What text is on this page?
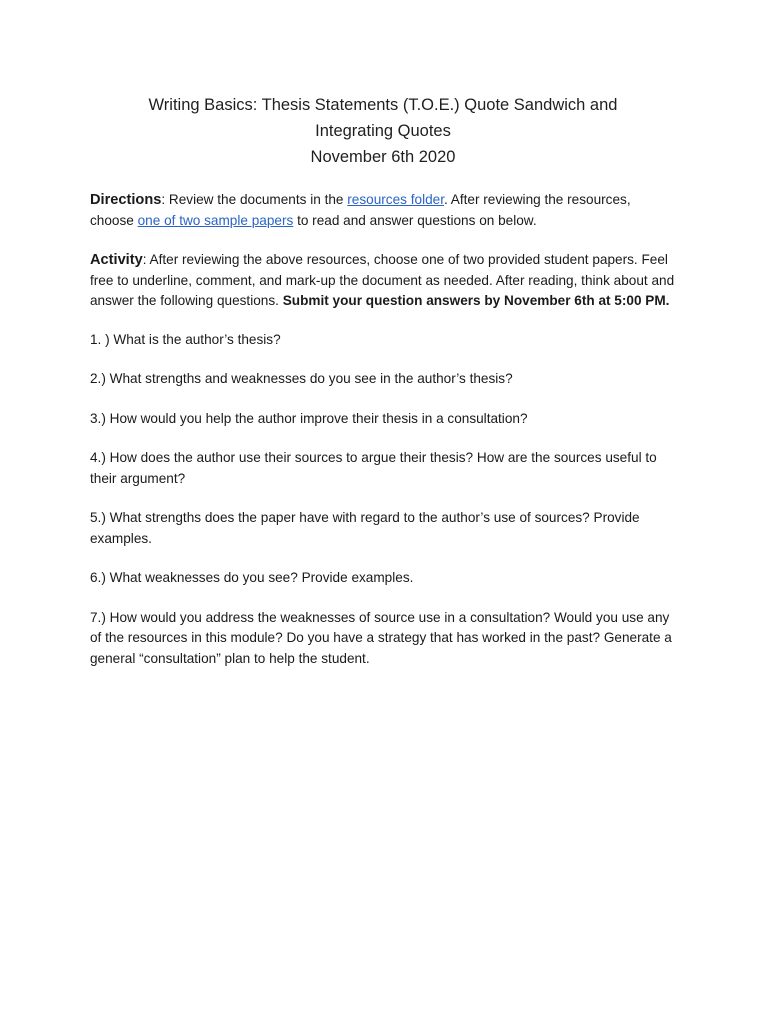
Writing Basics: Thesis Statements (T.O.E.) Quote Sandwich and
Integrating Quotes
November 6th 2020

Directions: Review the documents in the resources folder. After reviewing the resources, choose one of two sample papers to read and answer questions on below.

Activity: After reviewing the above resources, choose one of two provided student papers. Feel free to underline, comment, and mark-up the document as needed. After reading, think about and answer the following questions. Submit your question answers by November 6th at 5:00 PM.

1. ) What is the author’s thesis?

2.) What strengths and weaknesses do you see in the author’s thesis?

3.) How would you help the author improve their thesis in a consultation?

4.) How does the author use their sources to argue their thesis? How are the sources useful to their argument?

5.) What strengths does the paper have with regard to the author’s use of sources? Provide examples.

6.) What weaknesses do you see? Provide examples.

7.) How would you address the weaknesses of source use in a consultation? Would you use any of the resources in this module? Do you have a strategy that has worked in the past? Generate a general “consultation” plan to help the student.
